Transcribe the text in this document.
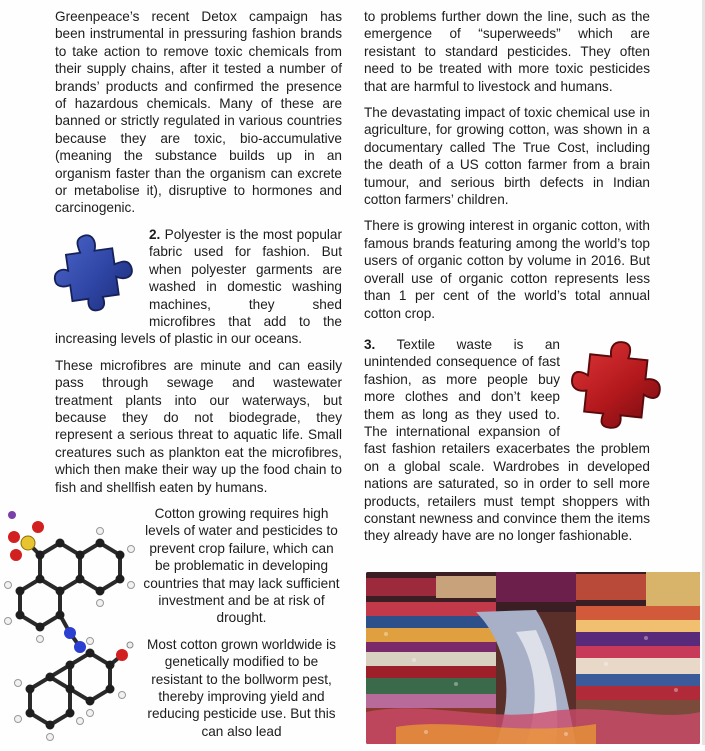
Greenpeace’s recent Detox campaign has been instrumental in pressuring fashion brands to take action to remove toxic chemicals from their supply chains, after it tested a number of brands’ products and confirmed the presence of hazardous chemicals. Many of these are banned or strictly regulated in various countries because they are toxic, bio-accumulative (meaning the substance builds up in an organism faster than the organism can excrete or metabolise it), disruptive to hormones and carcinogenic.

2. Polyester is the most popular fabric used for fashion. But when polyester garments are washed in domestic washing machines, they shed microfibres that add to the increasing levels of plastic in our oceans.

These microfibres are minute and can easily pass through sewage and wastewater treatment plants into our waterways, but because they do not biodegrade, they represent a serious threat to aquatic life. Small creatures such as plankton eat the microfibres, which then make their way up the food chain to fish and shellfish eaten by humans.

Cotton growing requires high levels of water and pesticides to prevent crop failure, which can be problematic in developing countries that may lack sufficient investment and be at risk of drought.

Most cotton grown worldwide is genetically modified to be resistant to the bollworm pest, thereby improving yield and reducing pesticide use. But this can also lead

to problems further down the line, such as the emergence of “superweeds” which are resistant to standard pesticides. They often need to be treated with more toxic pesticides that are harmful to livestock and humans.

The devastating impact of toxic chemical use in agriculture, for growing cotton, was shown in a documentary called The True Cost, including the death of a US cotton farmer from a brain tumour, and serious birth defects in Indian cotton farmers’ children.

There is growing interest in organic cotton, with famous brands featuring among the world’s top users of organic cotton by volume in 2016. But overall use of organic cotton represents less than 1 per cent of the world’s total annual cotton crop.

3. Textile waste is an unintended consequence of fast fashion, as more people buy more clothes and don’t keep them as long as they used to. The international expansion of fast fashion retailers exacerbates the problem on a global scale. Wardrobes in developed nations are saturated, so in order to sell more products, retailers must tempt shoppers with constant newness and convince them the items they already have are no longer fashionable.
